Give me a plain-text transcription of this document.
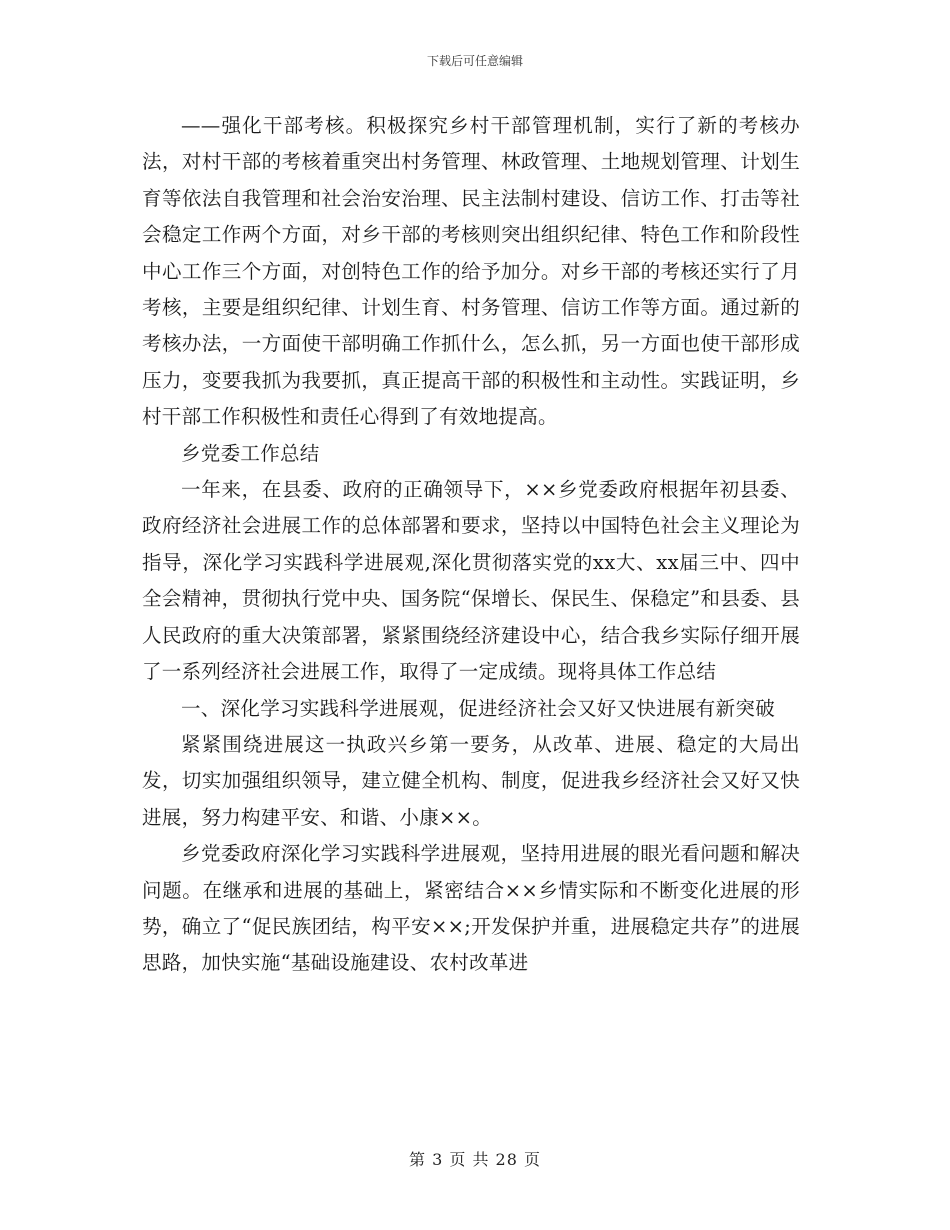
下载后可任意编辑

——强化干部考核。积极探究乡村干部管理机制，实行了新的考核办法，对村干部的考核着重突出村务管理、林政管理、土地规划管理、计划生育等依法自我管理和社会治安治理、民主法制村建设、信访工作、打击等社会稳定工作两个方面，对乡干部的考核则突出组织纪律、特色工作和阶段性中心工作三个方面，对创特色工作的给予加分。对乡干部的考核还实行了月考核，主要是组织纪律、计划生育、村务管理、信访工作等方面。通过新的考核办法，一方面使干部明确工作抓什么，怎么抓，另一方面也使干部形成压力，变要我抓为我要抓，真正提高干部的积极性和主动性。实践证明，乡村干部工作积极性和责任心得到了有效地提高。

乡党委工作总结

一年来，在县委、政府的正确领导下，××乡党委政府根据年初县委、政府经济社会进展工作的总体部署和要求，坚持以中国特色社会主义理论为指导，深化学习实践科学进展观,深化贯彻落实党的xx大、xx届三中、四中全会精神，贯彻执行党中央、国务院“保增长、保民生、保稳定”和县委、县人民政府的重大决策部署，紧紧围绕经济建设中心，结合我乡实际仔细开展了一系列经济社会进展工作，取得了一定成绩。现将具体工作总结

一、深化学习实践科学进展观，促进经济社会又好又快进展有新突破

紧紧围绕进展这一执政兴乡第一要务，从改革、进展、稳定的大局出发，切实加强组织领导，建立健全机构、制度，促进我乡经济社会又好又快进展，努力构建平安、和谐、小康××。

乡党委政府深化学习实践科学进展观，坚持用进展的眼光看问题和解决问题。在继承和进展的基础上，紧密结合××乡情实际和不断变化进展的形势，确立了“促民族团结，构平安××;开发保护并重，进展稳定共存”的进展思路，加快实施“基础设施建设、农村改革进

第 3 页 共 28 页
